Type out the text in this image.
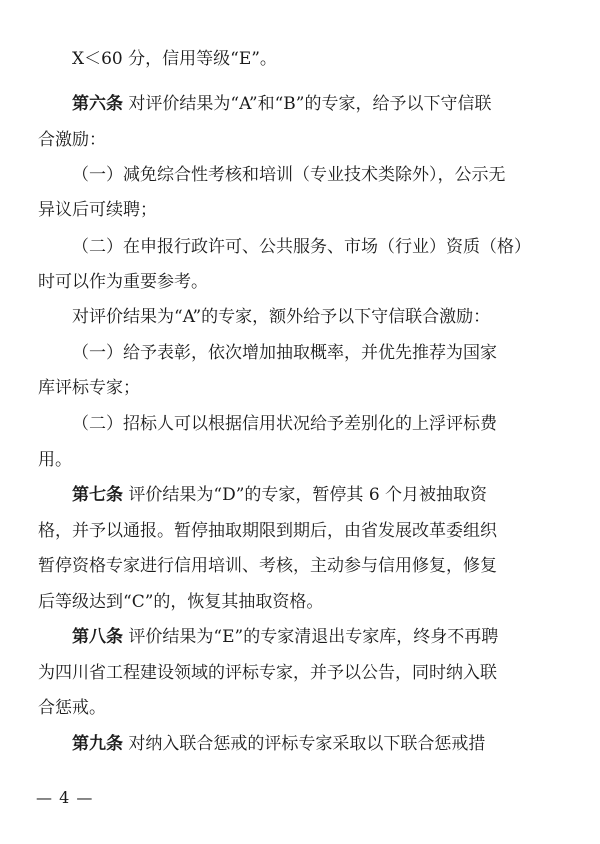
X＜60 分，信用等级“E”。
第六条 对评价结果为“A”和“B”的专家，给予以下守信联
合激励：
（一）减免综合性考核和培训（专业技术类除外），公示无
异议后可续聘；
（二）在申报行政许可、公共服务、市场（行业）资质（格）
时可以作为重要参考。
对评价结果为“A”的专家，额外给予以下守信联合激励：
（一）给予表彰，依次增加抽取概率，并优先推荐为国家
库评标专家；
（二）招标人可以根据信用状况给予差别化的上浮评标费
用。
第七条 评价结果为“D”的专家，暂停其 6 个月被抽取资
格，并予以通报。暂停抽取期限到期后，由省发展改革委组织
暂停资格专家进行信用培训、考核，主动参与信用修复，修复
后等级达到“C”的，恢复其抽取资格。
第八条 评价结果为“E”的专家清退出专家库，终身不再聘
为四川省工程建设领域的评标专家，并予以公告，同时纳入联
合惩戒。
第九条 对纳入联合惩戒的评标专家采取以下联合惩戒措
— 4 —
